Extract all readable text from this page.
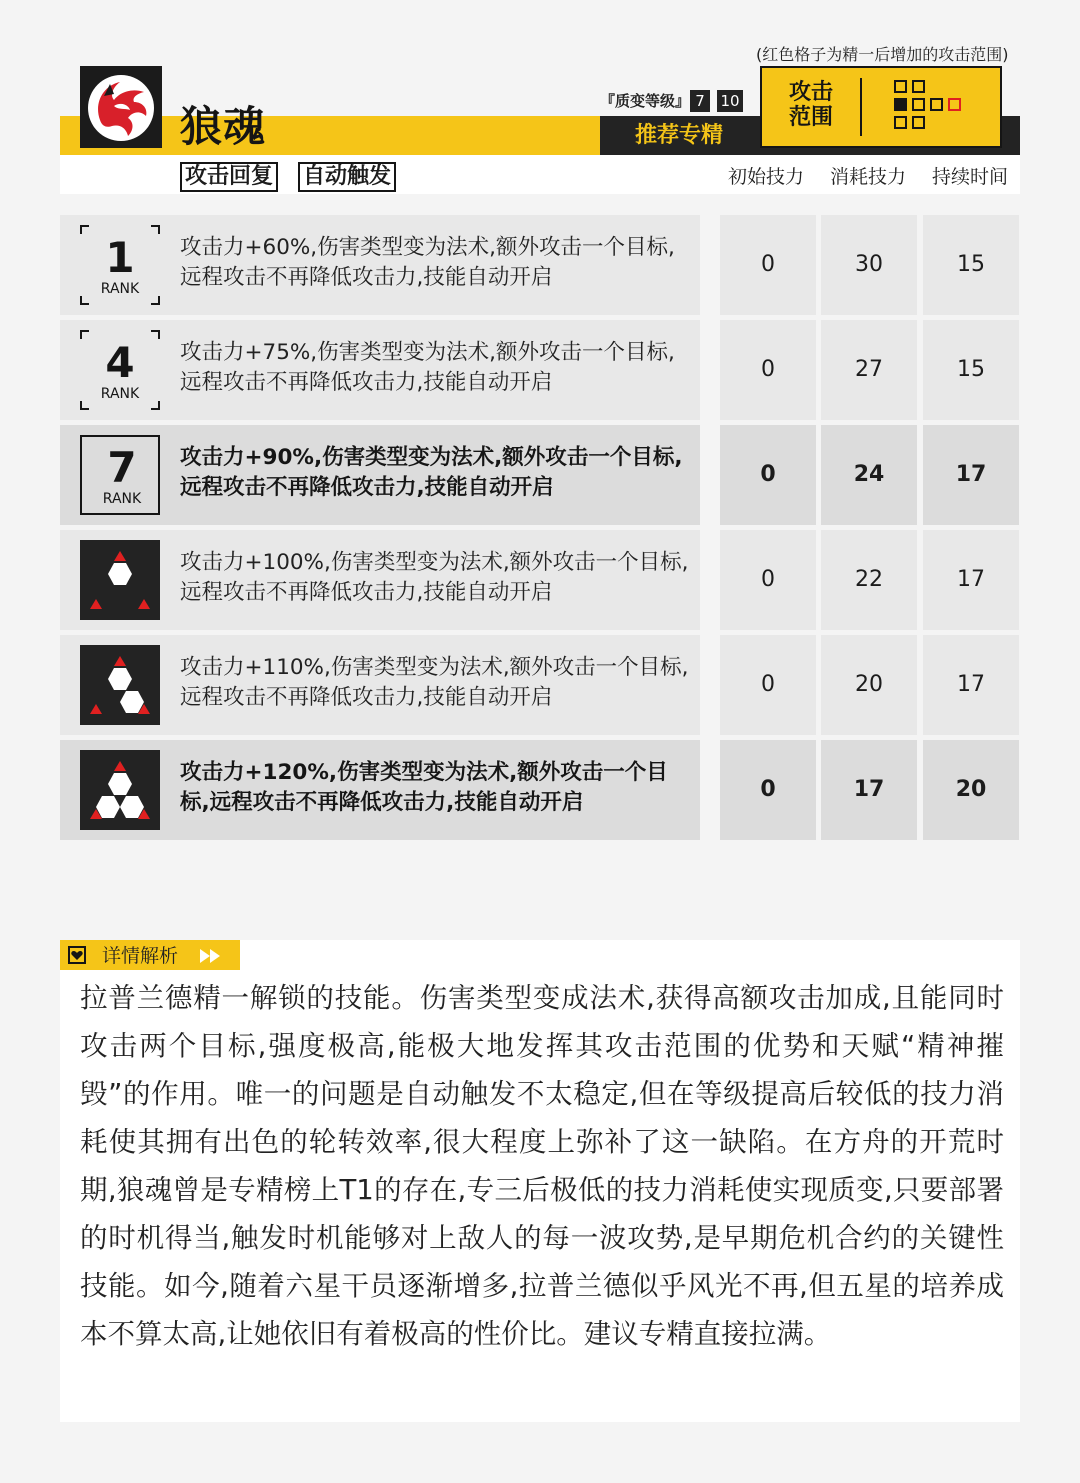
(红色格子为精一后增加的攻击范围)
狼魂
攻击回复 自动触发
推荐专精
『质变等级』 7	10 攻击范围
初始技力 消耗技力 持续时间
1
RANK
攻击力+60%,伤害类型变为法术,额外攻击一个目标,远程攻击不再降低攻击力,技能自动开启
0	30	15
4
RANK
攻击力+75%,伤害类型变为法术,额外攻击一个目标,远程攻击不再降低攻击力,技能自动开启
0	27	15
7
RANK
攻击力+90%,伤害类型变为法术,额外攻击一个目标,远程攻击不再降低攻击力,技能自动开启
0	24	17
攻击力+100%,伤害类型变为法术,额外攻击一个目标,远程攻击不再降低攻击力,技能自动开启
0	22	17
攻击力+110%,伤害类型变为法术,额外攻击一个目标,远程攻击不再降低攻击力,技能自动开启
0	20	17
攻击力+120%,伤害类型变为法术,额外攻击一个目标,远程攻击不再降低攻击力,技能自动开启
0	17	20
详情解析
拉普兰德精一解锁的技能。伤害类型变成法术,获得高额攻击加成,且能同时攻击两个目标,强度极高,能极大地发挥其攻击范围的优势和天赋“精神摧毁”的作用。唯一的问题是自动触发不太稳定,但在等级提高后较低的技力消耗使其拥有出色的轮转效率,很大程度上弥补了这一缺陷。在方舟的开荒时期,狼魂曾是专精榜上T1的存在,专三后极低的技力消耗使实现质变,只要部署的时机得当,触发时机能够对上敌人的每一波攻势,是早期危机合约的关键性技能。如今,随着六星干员逐渐增多,拉普兰德似乎风光不再,但五星的培养成本不算太高,让她依旧有着极高的性价比。建议专精直接拉满。
